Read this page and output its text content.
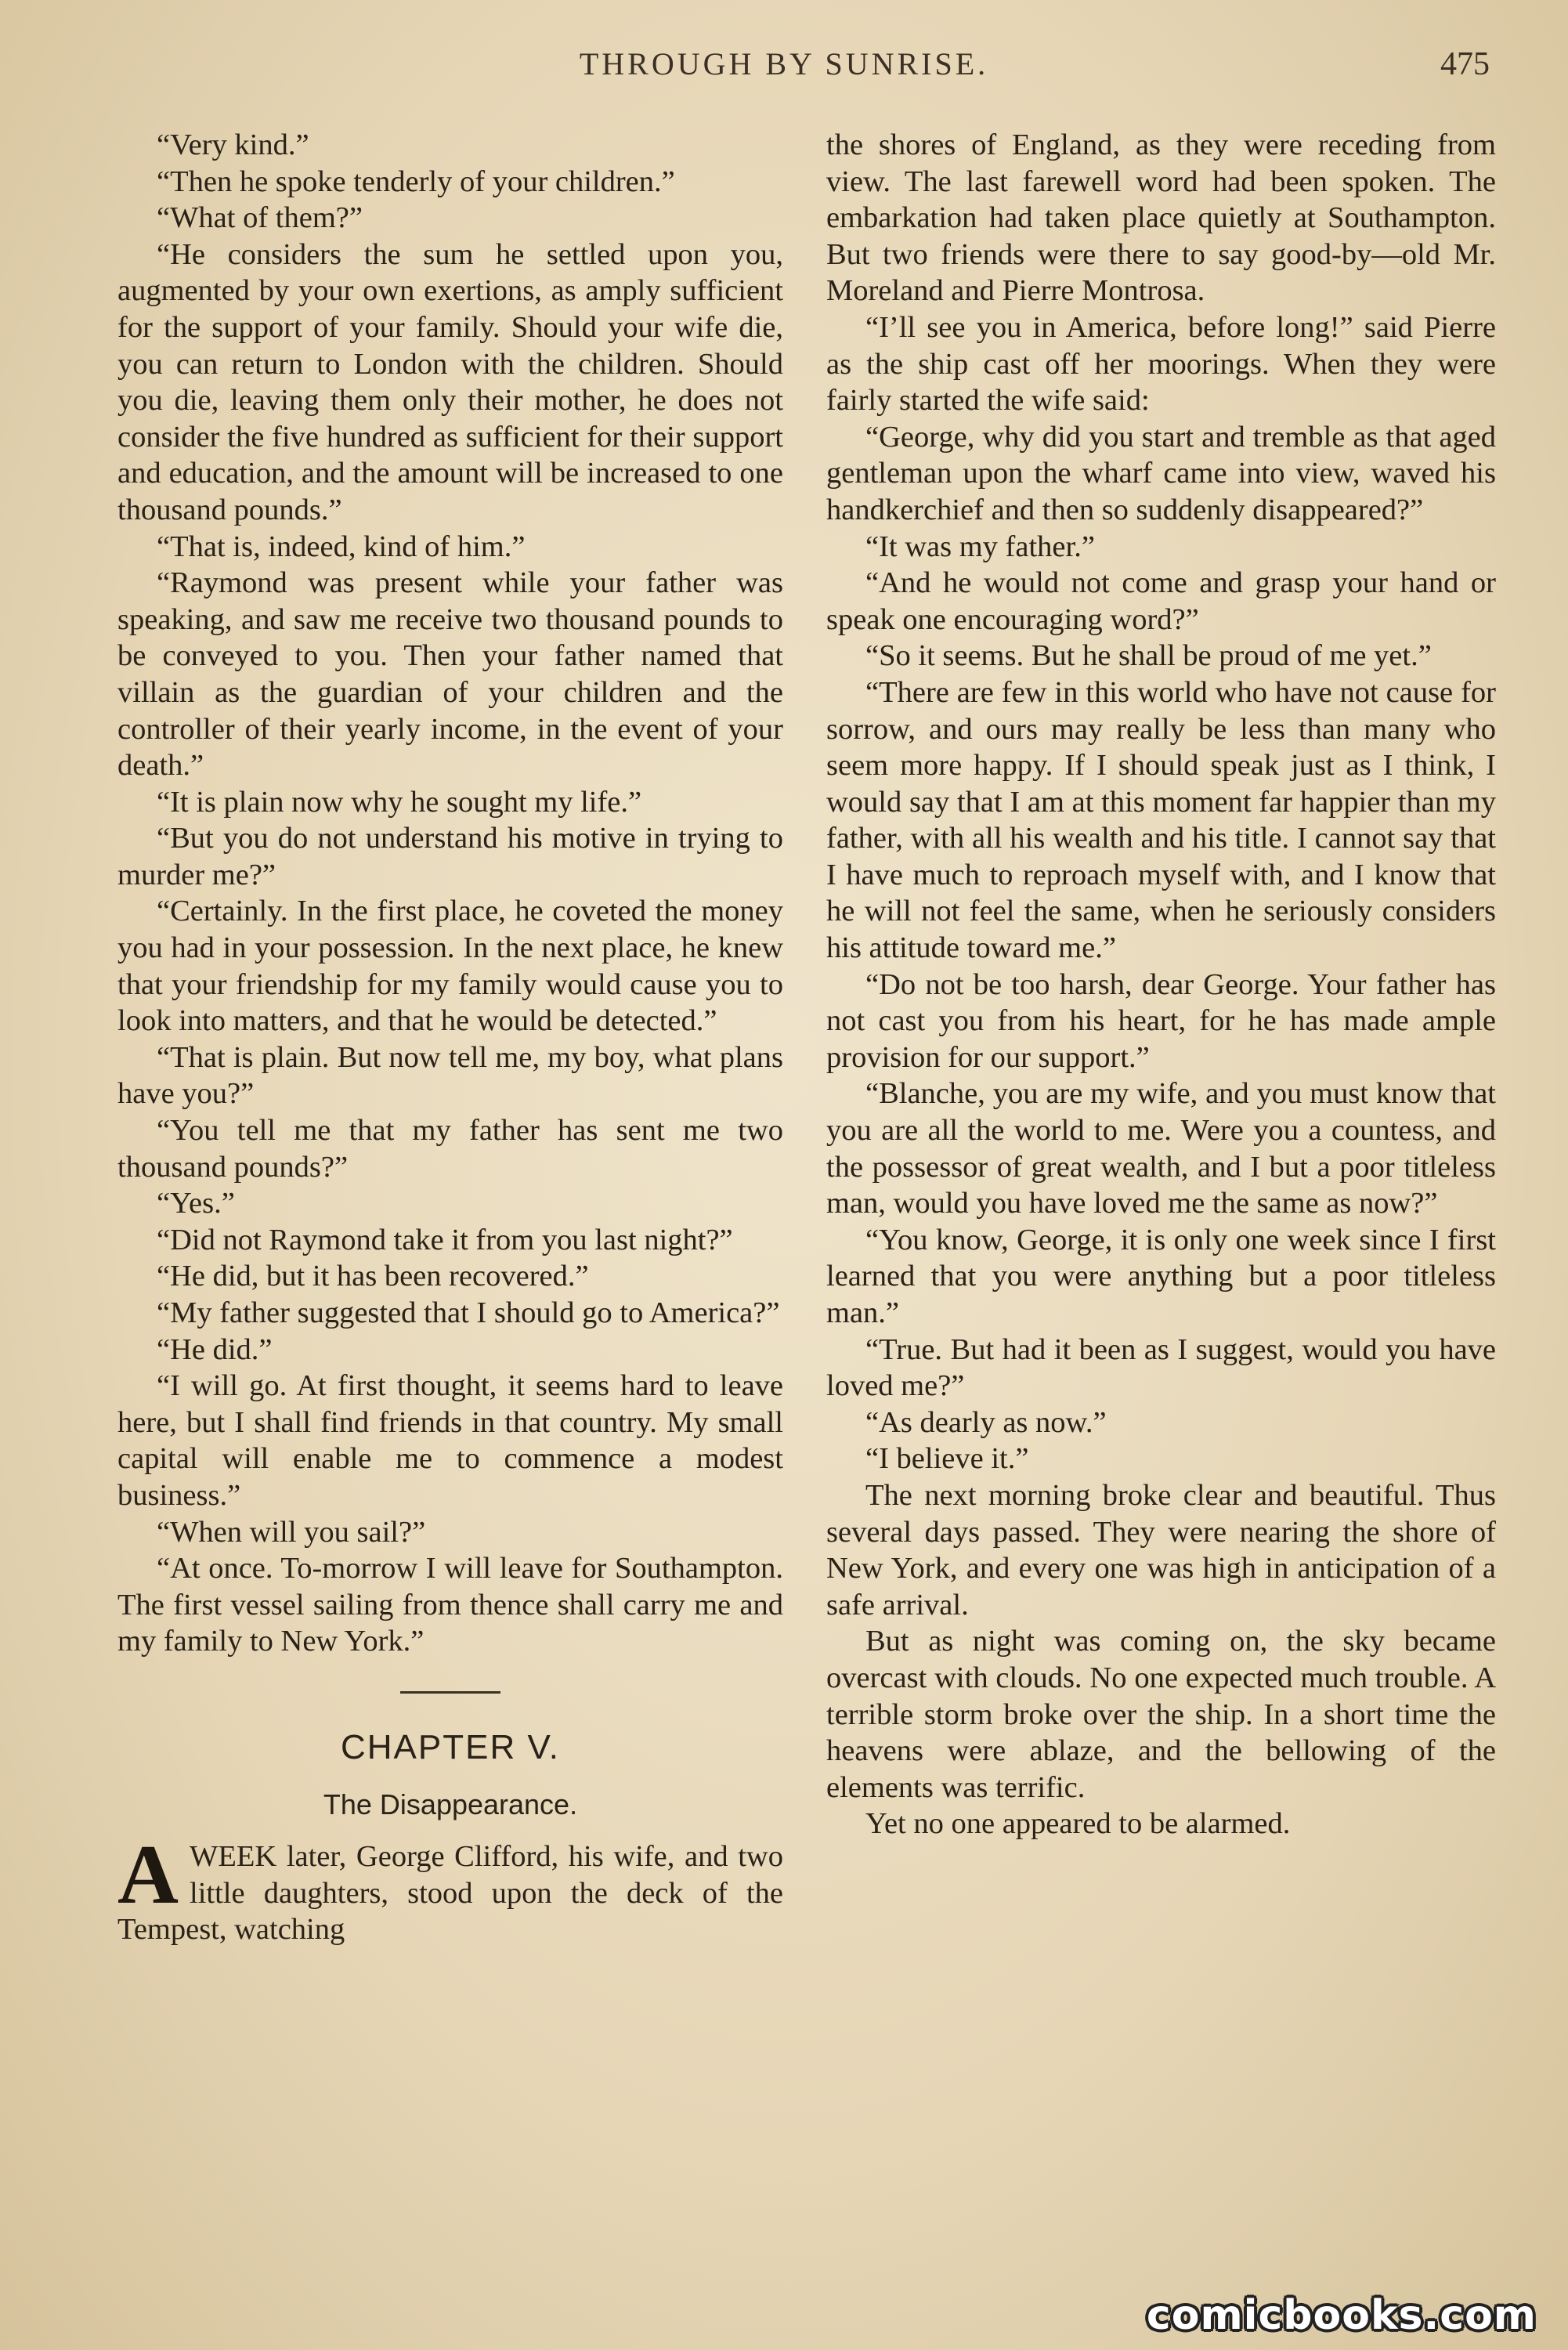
THROUGH BY SUNRISE.	475

“Very kind.”

“Then he spoke tenderly of your children.”

“What of them?”

“He considers the sum he settled upon you, augmented by your own exertions, as amply sufficient for the support of your family. Should your wife die, you can return to London with the children. Should you die, leaving them only their mother, he does not consider the five hundred as sufficient for their support and education, and the amount will be increased to one thousand pounds.”

“That is, indeed, kind of him.”

“Raymond was present while your father was speaking, and saw me receive two thousand pounds to be conveyed to you. Then your father named that villain as the guardian of your children and the controller of their yearly income, in the event of your death.”

“It is plain now why he sought my life.”

“But you do not understand his motive in trying to murder me?”

“Certainly. In the first place, he coveted the money you had in your possession. In the next place, he knew that your friendship for my family would cause you to look into matters, and that he would be detected.”

“That is plain. But now tell me, my boy, what plans have you?”

“You tell me that my father has sent me two thousand pounds?”

“Yes.”

“Did not Raymond take it from you last night?”

“He did, but it has been recovered.”

“My father suggested that I should go to America?”

“He did.”

“I will go. At first thought, it seems hard to leave here, but I shall find friends in that country. My small capital will enable me to commence a modest business.”

“When will you sail?”

“At once. To-morrow I will leave for Southampton. The first vessel sailing from thence shall carry me and my family to New York.”

CHAPTER V.
The Disappearance.

AWEEK later, George Clifford, his wife, and two little daughters, stood upon the deck of the Tempest, watching

the shores of England, as they were receding from view. The last farewell word had been spoken. The embarkation had taken place quietly at Southampton. But two friends were there to say good-by—old Mr. Moreland and Pierre Montrosa.

“I’ll see you in America, before long!” said Pierre as the ship cast off her moorings. When they were fairly started the wife said:

“George, why did you start and tremble as that aged gentleman upon the wharf came into view, waved his handkerchief and then so suddenly disappeared?”

“It was my father.”

“And he would not come and grasp your hand or speak one encouraging word?”

“So it seems. But he shall be proud of me yet.”

“There are few in this world who have not cause for sorrow, and ours may really be less than many who seem more happy. If I should speak just as I think, I would say that I am at this moment far happier than my father, with all his wealth and his title. I cannot say that I have much to reproach myself with, and I know that he will not feel the same, when he seriously considers his attitude toward me.”

“Do not be too harsh, dear George. Your father has not cast you from his heart, for he has made ample provision for our support.”

“Blanche, you are my wife, and you must know that you are all the world to me. Were you a countess, and the possessor of great wealth, and I but a poor titleless man, would you have loved me the same as now?”

“You know, George, it is only one week since I first learned that you were anything but a poor titleless man.”

“True. But had it been as I suggest, would you have loved me?”

“As dearly as now.”

“I believe it.”

The next morning broke clear and beautiful. Thus several days passed. They were nearing the shore of New York, and every one was high in anticipation of a safe arrival.

But as night was coming on, the sky became overcast with clouds. No one expected much trouble. A terrible storm broke over the ship. In a short time the heavens were ablaze, and the bellowing of the elements was terrific.

Yet no one appeared to be alarmed.

comicbooks.com
